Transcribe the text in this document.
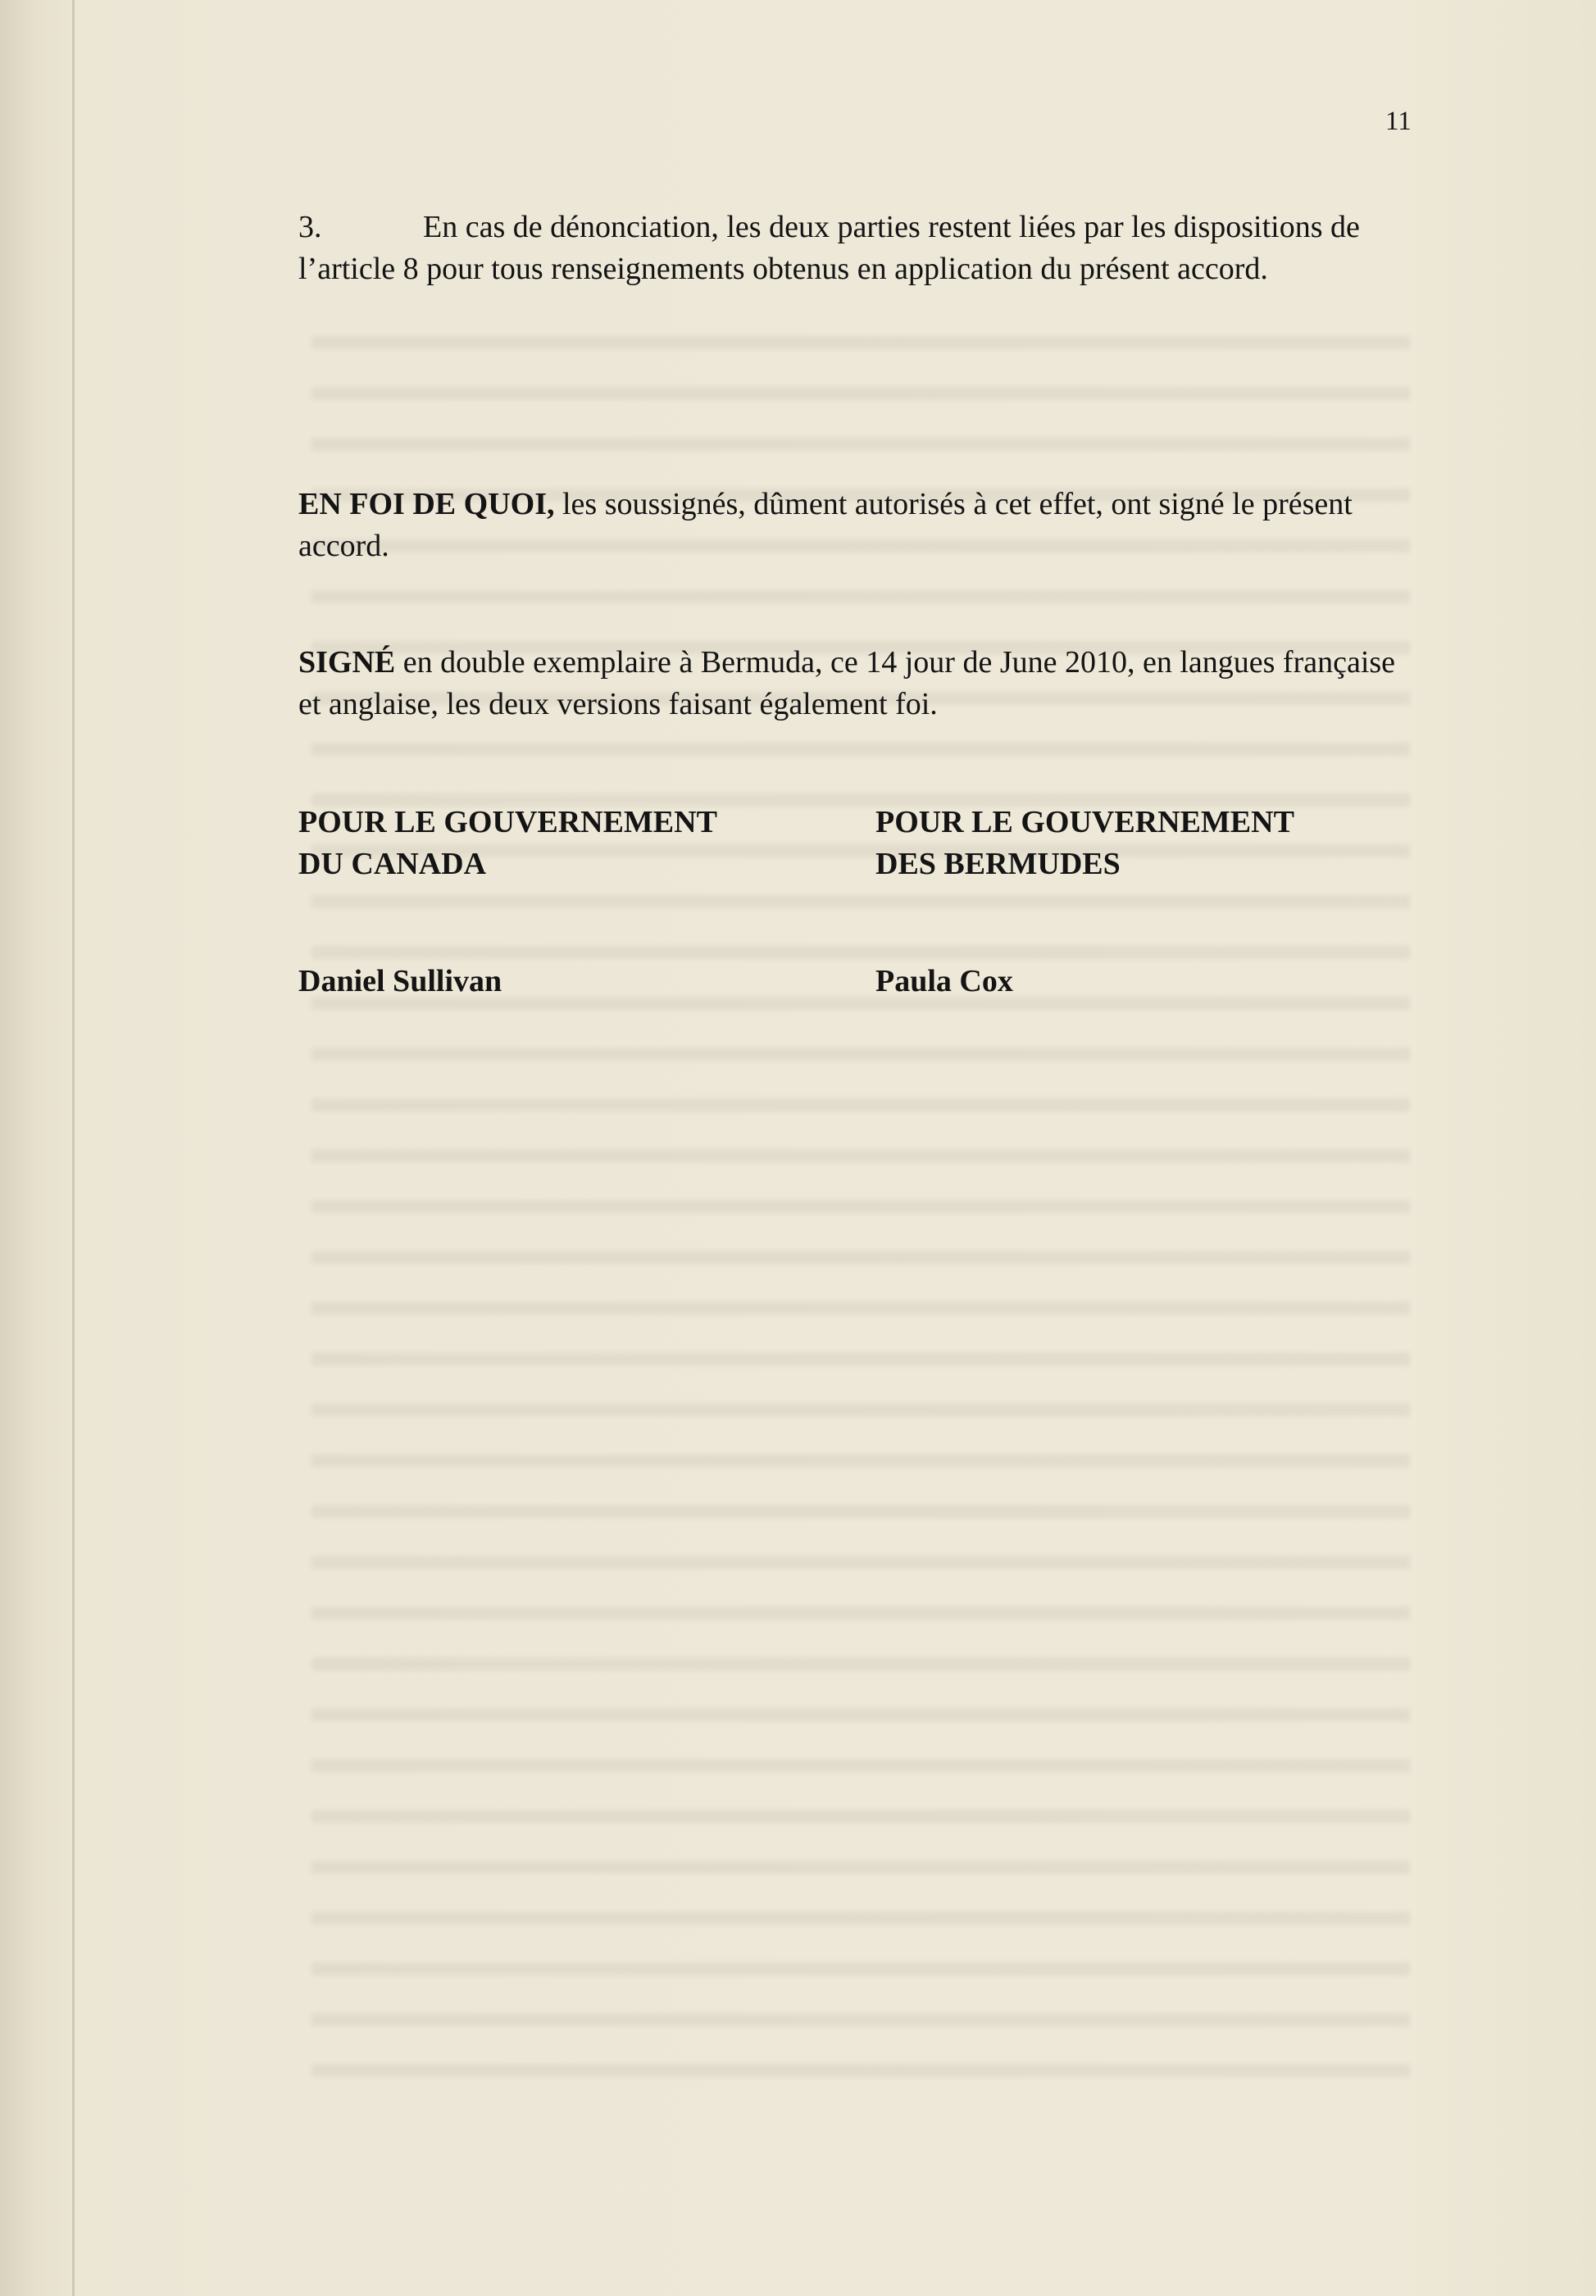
11
3.	En cas de dénonciation, les deux parties restent liées par les dispositions de l’article 8 pour tous renseignements obtenus en application du présent accord.
EN FOI DE QUOI, les soussignés, dûment autorisés à cet effet, ont signé le présent accord.
SIGNÉ en double exemplaire à Bermuda, ce 14 jour de June 2010, en langues française et anglaise, les deux versions faisant également foi.
POUR LE GOUVERNEMENT
DU CANADA
POUR LE GOUVERNEMENT
DES BERMUDES
Daniel Sullivan	Paula Cox
